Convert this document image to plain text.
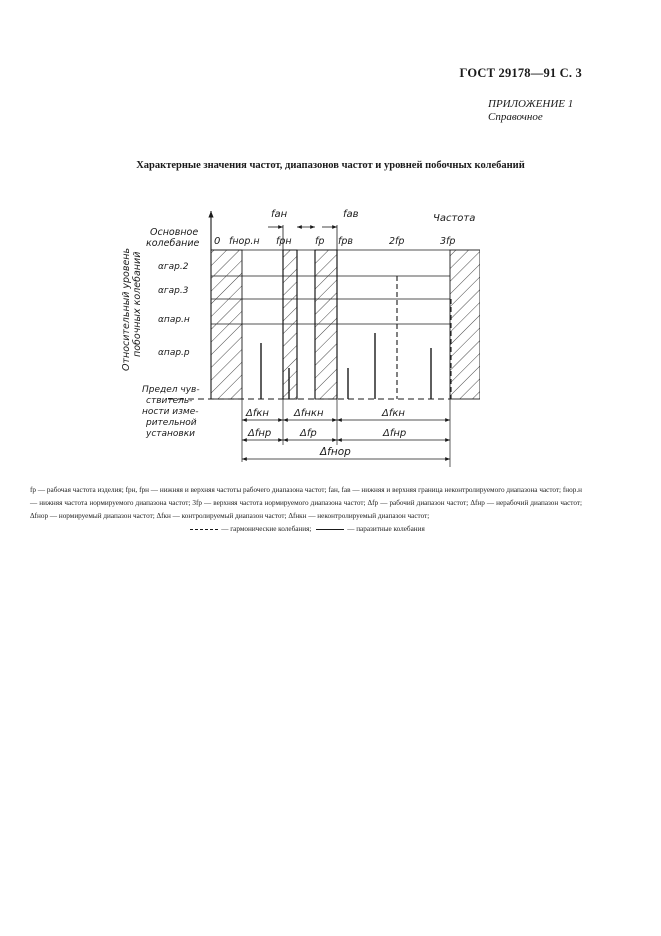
ГОСТ 29178—91 С. 3
ПРИЛОЖЕНИЕ 1
Справочное
Характерные значения частот, диапазонов частот и уровней побочных колебаний
fан	fав	Частота
Основное
колебание 0 fнор.н fрн fр fрв	2fр	3fр
αгар.2
αгар.3
αпар.н
αпар.р
Относительный уровень побочных колебаний
Предел чув-
ствитель-
ности изме-
рительной
установки
Δfкн	Δfнкн	Δfкн
Δfнр	Δfр	Δfнр
Δfнор
fр — рабочая частота изделия; fрн, fрн — нижняя и верхняя частоты рабочего диапазона частот; fан, fав — нижняя и верхняя граница неконтролируемого диапазона частот; fнор.н — нижняя частота нормируемого диапазона частот; 3fр — верхняя частота нормируемого диапазона частот; Δfр — рабочий диапазон частот; Δfнр — нерабочий диапазон частот; Δfнор — нормируемый диапазон частот; Δfкн — контролируемый диапазон частот; Δfнкн — неконтролируемый диапазон частот;
— гармонические колебания;	— паразитные колебания
